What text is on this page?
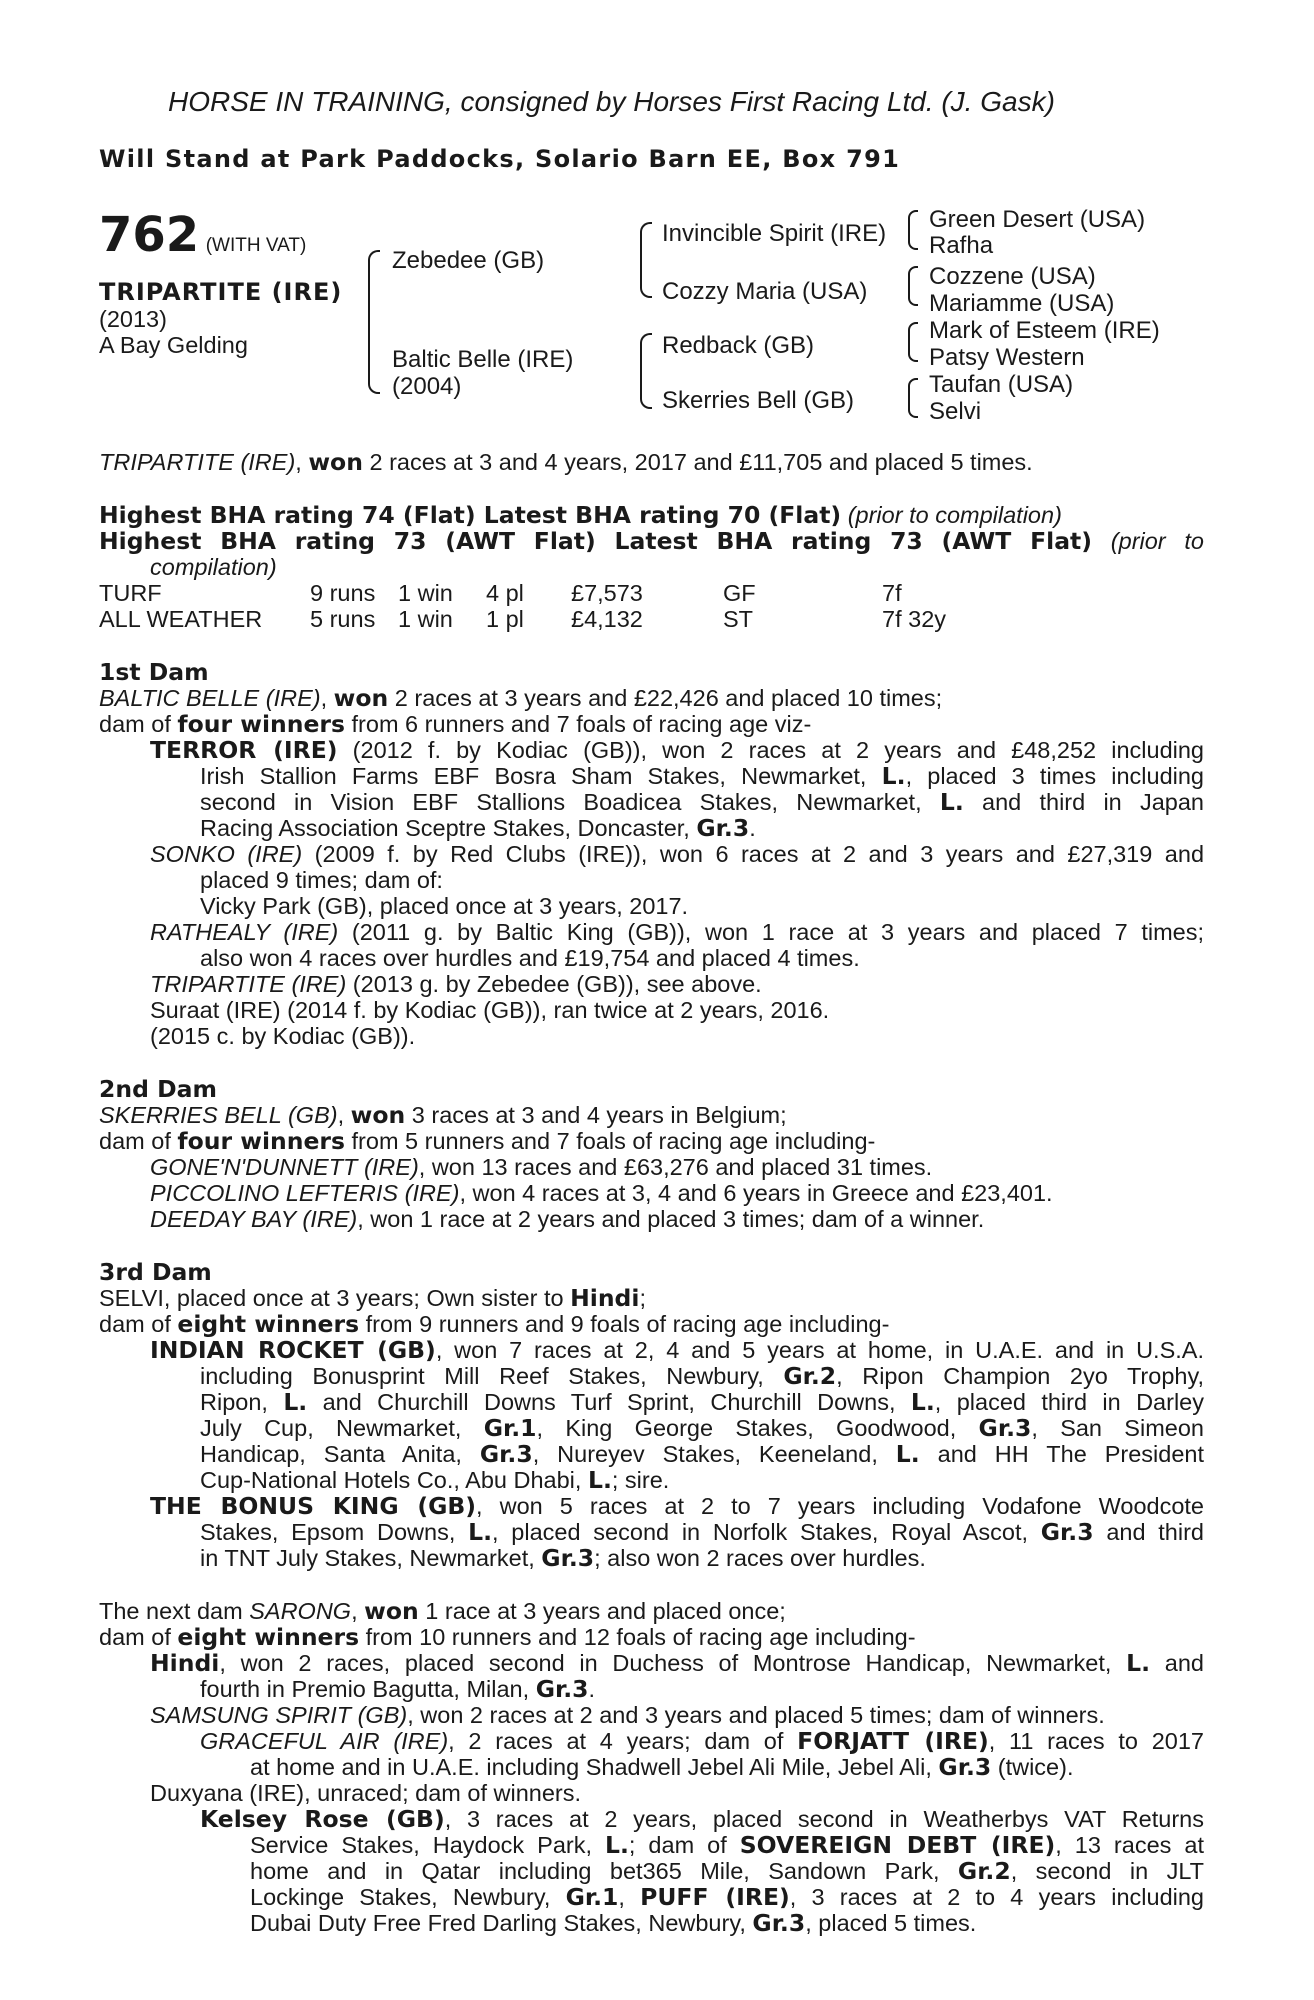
HORSE IN TRAINING, consigned by Horses First Racing Ltd. (J. Gask)
Will Stand at Park Paddocks, Solario Barn EE, Box 791
762 (WITH VAT)
TRIPARTITE (IRE)
(2013)
A Bay Gelding
Zebedee (GB)
Baltic Belle (IRE)
(2004)
Invincible Spirit (IRE)
Cozzy Maria (USA)
Redback (GB)
Skerries Bell (GB)
Green Desert (USA)
Rafha
Cozzene (USA)
Mariamme (USA)
Mark of Esteem (IRE)
Patsy Western
Taufan (USA)
Selvi
TRIPARTITE (IRE), won 2 races at 3 and 4 years, 2017 and £11,705 and placed 5 times.
Highest BHA rating 74 (Flat) Latest BHA rating 70 (Flat) (prior to compilation)
Highest BHA rating 73 (AWT Flat) Latest BHA rating 73 (AWT Flat) (prior to
compilation)
TURF	9 runs 1 win 4 pl £7,573	GF	7f
ALL WEATHER 5 runs 1 win 1 pl £4,132	ST	7f 32y
1st Dam
BALTIC BELLE (IRE), won 2 races at 3 years and £22,426 and placed 10 times;
dam of four winners from 6 runners and 7 foals of racing age viz-
TERROR (IRE) (2012 f. by Kodiac (GB)), won 2 races at 2 years and £48,252 including
Irish Stallion Farms EBF Bosra Sham Stakes, Newmarket, L., placed 3 times including
second in Vision EBF Stallions Boadicea Stakes, Newmarket, L. and third in Japan
Racing Association Sceptre Stakes, Doncaster, Gr.3.
SONKO (IRE) (2009 f. by Red Clubs (IRE)), won 6 races at 2 and 3 years and £27,319 and
placed 9 times; dam of:
Vicky Park (GB), placed once at 3 years, 2017.
RATHEALY (IRE) (2011 g. by Baltic King (GB)), won 1 race at 3 years and placed 7 times;
also won 4 races over hurdles and £19,754 and placed 4 times.
TRIPARTITE (IRE) (2013 g. by Zebedee (GB)), see above.
Suraat (IRE) (2014 f. by Kodiac (GB)), ran twice at 2 years, 2016.
(2015 c. by Kodiac (GB)).
2nd Dam
SKERRIES BELL (GB), won 3 races at 3 and 4 years in Belgium;
dam of four winners from 5 runners and 7 foals of racing age including-
GONE'N'DUNNETT (IRE), won 13 races and £63,276 and placed 31 times.
PICCOLINO LEFTERIS (IRE), won 4 races at 3, 4 and 6 years in Greece and £23,401.
DEEDAY BAY (IRE), won 1 race at 2 years and placed 3 times; dam of a winner.
3rd Dam
SELVI, placed once at 3 years; Own sister to Hindi;
dam of eight winners from 9 runners and 9 foals of racing age including-
INDIAN ROCKET (GB), won 7 races at 2, 4 and 5 years at home, in U.A.E. and in U.S.A.
including Bonusprint Mill Reef Stakes, Newbury, Gr.2, Ripon Champion 2yo Trophy,
Ripon, L. and Churchill Downs Turf Sprint, Churchill Downs, L., placed third in Darley
July Cup, Newmarket, Gr.1, King George Stakes, Goodwood, Gr.3, San Simeon
Handicap, Santa Anita, Gr.3, Nureyev Stakes, Keeneland, L. and HH The President
Cup-National Hotels Co., Abu Dhabi, L.; sire.
THE BONUS KING (GB), won 5 races at 2 to 7 years including Vodafone Woodcote
Stakes, Epsom Downs, L., placed second in Norfolk Stakes, Royal Ascot, Gr.3 and third
in TNT July Stakes, Newmarket, Gr.3; also won 2 races over hurdles.
The next dam SARONG, won 1 race at 3 years and placed once;
dam of eight winners from 10 runners and 12 foals of racing age including-
Hindi, won 2 races, placed second in Duchess of Montrose Handicap, Newmarket, L. and
fourth in Premio Bagutta, Milan, Gr.3.
SAMSUNG SPIRIT (GB), won 2 races at 2 and 3 years and placed 5 times; dam of winners.
GRACEFUL AIR (IRE), 2 races at 4 years; dam of FORJATT (IRE), 11 races to 2017
at home and in U.A.E. including Shadwell Jebel Ali Mile, Jebel Ali, Gr.3 (twice).
Duxyana (IRE), unraced; dam of winners.
Kelsey Rose (GB), 3 races at 2 years, placed second in Weatherbys VAT Returns
Service Stakes, Haydock Park, L.; dam of SOVEREIGN DEBT (IRE), 13 races at
home and in Qatar including bet365 Mile, Sandown Park, Gr.2, second in JLT
Lockinge Stakes, Newbury, Gr.1, PUFF (IRE), 3 races at 2 to 4 years including
Dubai Duty Free Fred Darling Stakes, Newbury, Gr.3, placed 5 times.
